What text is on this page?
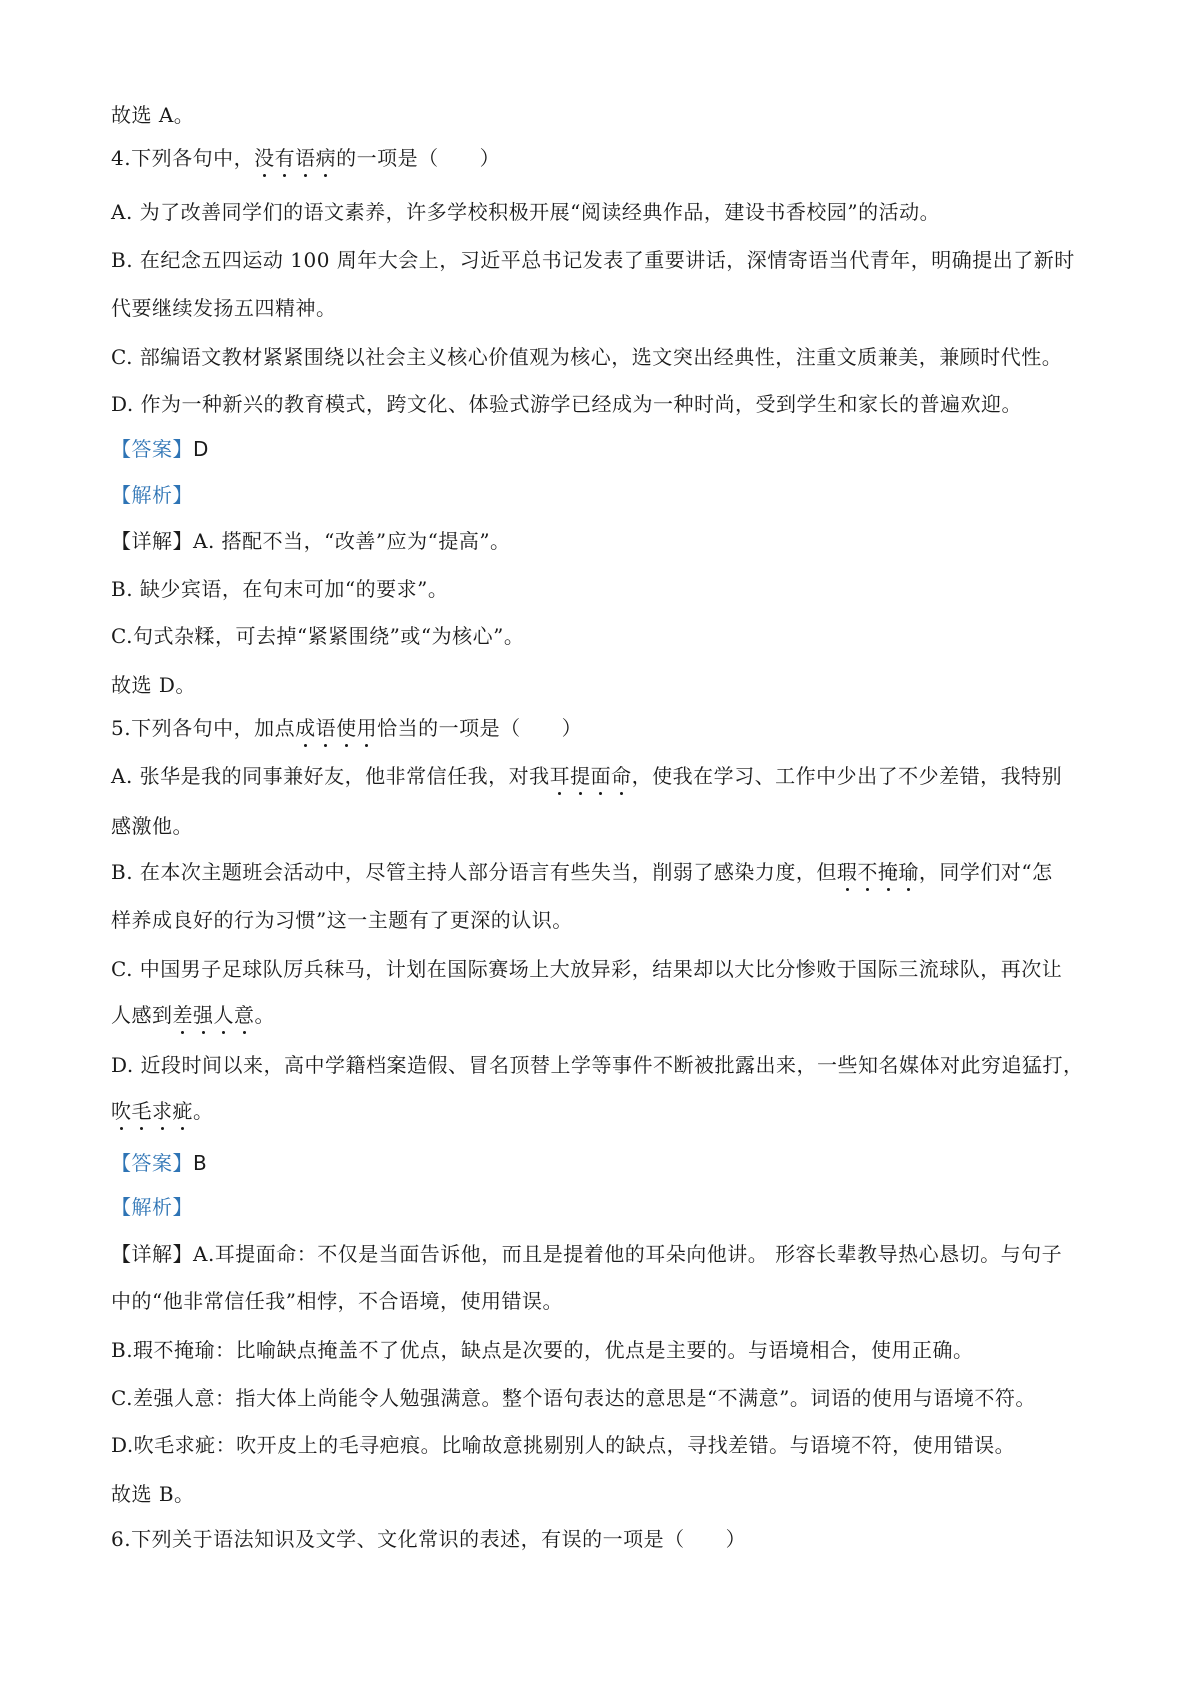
故选 A。
4.下列各句中，没有语病的一项是（　　）
A. 为了改善同学们的语文素养，许多学校积极开展“阅读经典作品，建设书香校园”的活动。
B. 在纪念五四运动 100 周年大会上，习近平总书记发表了重要讲话，深情寄语当代青年，明确提出了新时
代要继续发扬五四精神。
C. 部编语文教材紧紧围绕以社会主义核心价值观为核心，选文突出经典性，注重文质兼美，兼顾时代性。
D. 作为一种新兴的教育模式，跨文化、体验式游学已经成为一种时尚，受到学生和家长的普遍欢迎。
【答案】D
【解析】
【详解】A. 搭配不当，“改善”应为“提高”。
B. 缺少宾语，在句末可加“的要求”。
C.句式杂糅，可去掉“紧紧围绕”或“为核心”。
故选 D。
5.下列各句中，加点成语使用恰当的一项是（　　）
A. 张华是我的同事兼好友，他非常信任我，对我耳提面命，使我在学习、工作中少出了不少差错，我特别
感激他。
B. 在本次主题班会活动中，尽管主持人部分语言有些失当，削弱了感染力度，但瑕不掩瑜，同学们对“怎
样养成良好的行为习惯”这一主题有了更深的认识。
C. 中国男子足球队厉兵秣马，计划在国际赛场上大放异彩，结果却以大比分惨败于国际三流球队，再次让
人感到差强人意。
D. 近段时间以来，高中学籍档案造假、冒名顶替上学等事件不断被批露出来，一些知名媒体对此穷追猛打，
吹毛求疵。
【答案】B
【解析】
【详解】A.耳提面命：不仅是当面告诉他，而且是提着他的耳朵向他讲。 形容长辈教导热心恳切。与句子
中的“他非常信任我”相悖，不合语境，使用错误。
B.瑕不掩瑜：比喻缺点掩盖不了优点，缺点是次要的，优点是主要的。与语境相合，使用正确。
C.差强人意：指大体上尚能令人勉强满意。整个语句表达的意思是“不满意”。词语的使用与语境不符。
D.吹毛求疵：吹开皮上的毛寻疤痕。比喻故意挑剔别人的缺点，寻找差错。与语境不符，使用错误。
故选 B。
6.下列关于语法知识及文学、文化常识的表述，有误的一项是（　　）
